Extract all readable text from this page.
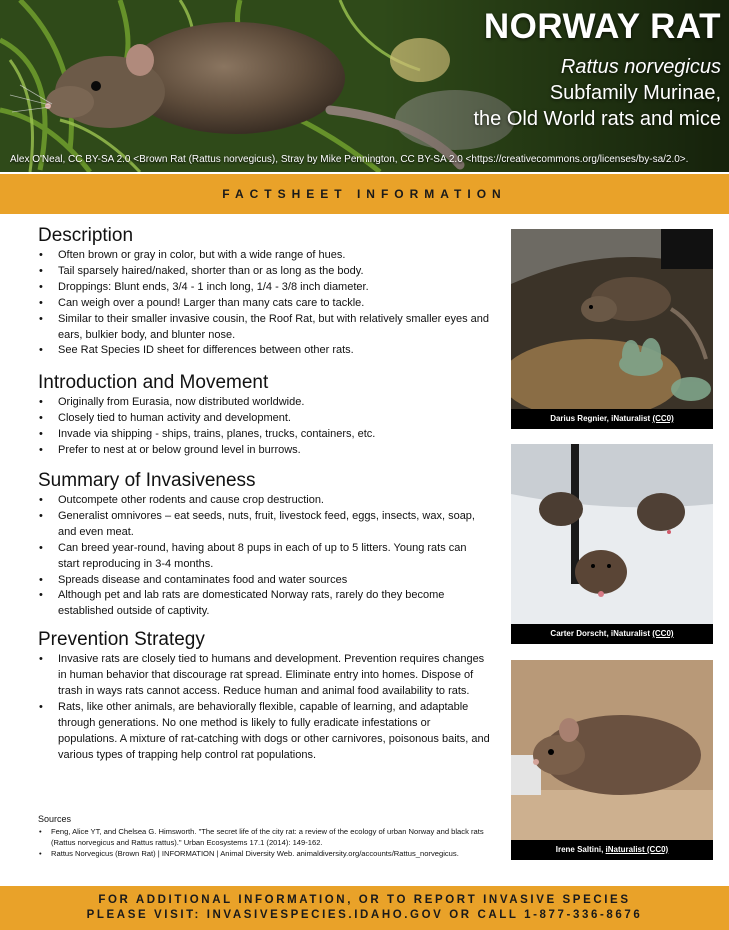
NORWAY RAT
Rattus norvegicus
Subfamily Murinae,
the Old World rats and mice
Alex O'Neal, CC BY-SA 2.0 <Brown Rat (Rattus norvegicus), Stray by Mike Pennington, CC BY-SA 2.0 <https://creativecommons.org/licenses/by-sa/2.0>.
FACTSHEET INFORMATION
Description
• Often brown or gray in color, but with a wide range of hues.
• Tail sparsely haired/naked, shorter than or as long as the body.
• Droppings: Blunt ends, 3/4 - 1 inch long, 1/4 - 3/8 inch diameter.
• Can weigh over a pound! Larger than many cats care to tackle.
• Similar to their smaller invasive cousin, the Roof Rat, but with relatively smaller eyes and ears, bulkier body, and blunter nose.
• See Rat Species ID sheet for differences between other rats.
Introduction and Movement
• Originally from Eurasia, now distributed worldwide.
• Closely tied to human activity and development.
• Invade via shipping - ships, trains, planes, trucks, containers, etc.
• Prefer to nest at or below ground level in burrows.
Summary of Invasiveness
• Outcompete other rodents and cause crop destruction.
• Generalist omnivores – eat seeds, nuts, fruit, livestock feed, eggs, insects, wax, soap, and even meat.
• Can breed year-round, having about 8 pups in each of up to 5 litters. Young rats can start reproducing in 3-4 months.
• Spreads disease and contaminates food and water sources
• Although pet and lab rats are domesticated Norway rats, rarely do they become established outside of captivity.
Prevention Strategy
• Invasive rats are closely tied to humans and development. Prevention requires changes in human behavior that discourage rat spread. Eliminate entry into homes. Dispose of trash in ways rats cannot access. Reduce human and animal food availability to rats.
• Rats, like other animals, are behaviorally flexible, capable of learning, and adaptable through generations. No one method is likely to fully eradicate infestations or populations. A mixture of rat-catching with dogs or other carnivores, poisonous baits, and various types of trapping help control rat populations.
Sources
• Feng, Alice YT, and Chelsea G. Himsworth. "The secret life of the city rat: a review of the ecology of urban Norway and black rats (Rattus norvegicus and Rattus rattus)." Urban Ecosystems 17.1 (2014): 149-162.
• Rattus Norvegicus (Brown Rat) | INFORMATION | Animal Diversity Web. animaldiversity.org/accounts/Rattus_norvegicus.
Darius Regnier, iNaturalist (CC0)
Carter Dorscht, iNaturalist (CC0)
Irene Saltini, iNaturalist (CC0)
FOR ADDITIONAL INFORMATION, OR TO REPORT INVASIVE SPECIES
PLEASE VISIT: INVASIVESPECIES.IDAHO.GOV OR CALL 1-877-336-8676
